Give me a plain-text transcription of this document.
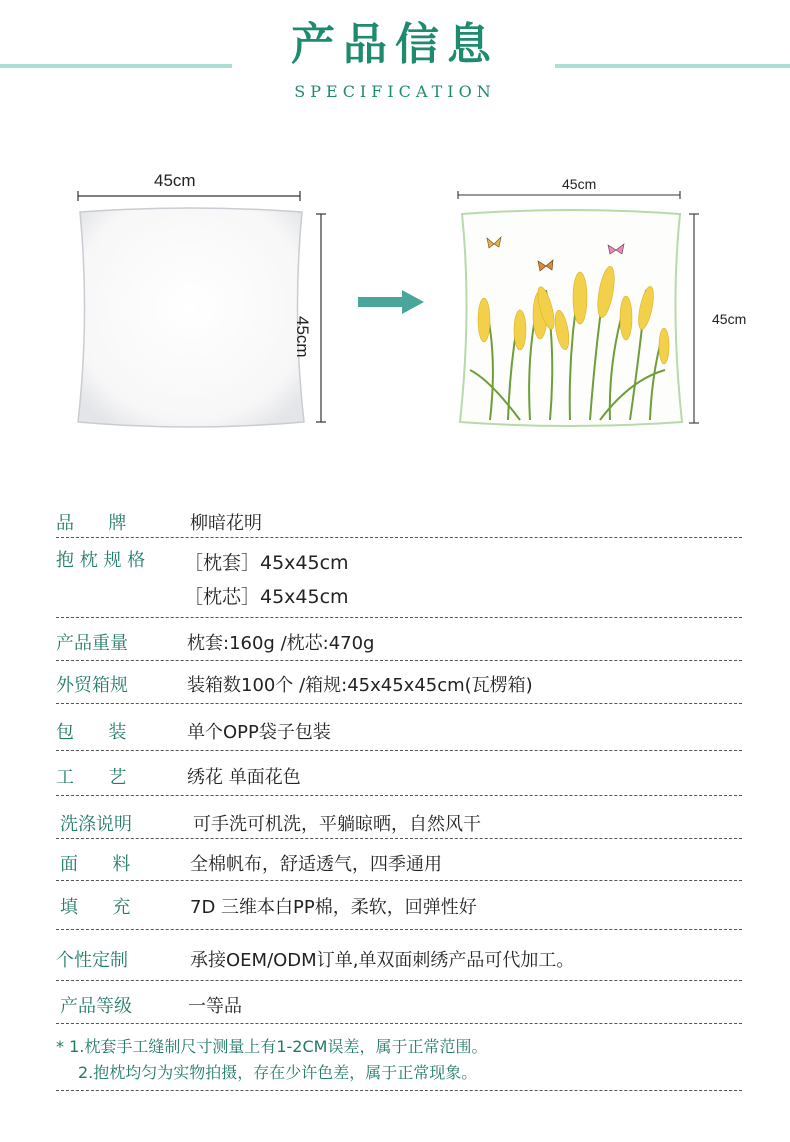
产品信息
SPECIFICATION
45cm
45cm
45cm
45cm
品      牌	柳暗花明
抱 枕 规 格 ［枕套］45x45cm
［枕芯］45x45cm
产品重量	枕套:160g /枕芯:470g
外贸箱规	装箱数100个 /箱规:45x45x45cm(瓦楞箱)
包      装	单个OPP袋子包装
工      艺	绣花 单面花色
洗涤说明	可手洗可机洗，平躺晾晒，自然风干
面      料	全棉帆布，舒适透气，四季通用
填      充	7D 三维本白PP棉，柔软，回弹性好
个性定制	承接OEM/ODM订单,单双面刺绣产品可代加工。
产品等级	一等品
* 1.枕套手工缝制尺寸测量上有1-2CM误差，属于正常范围。
2.抱枕均匀为实物拍摄，存在少许色差，属于正常现象。
